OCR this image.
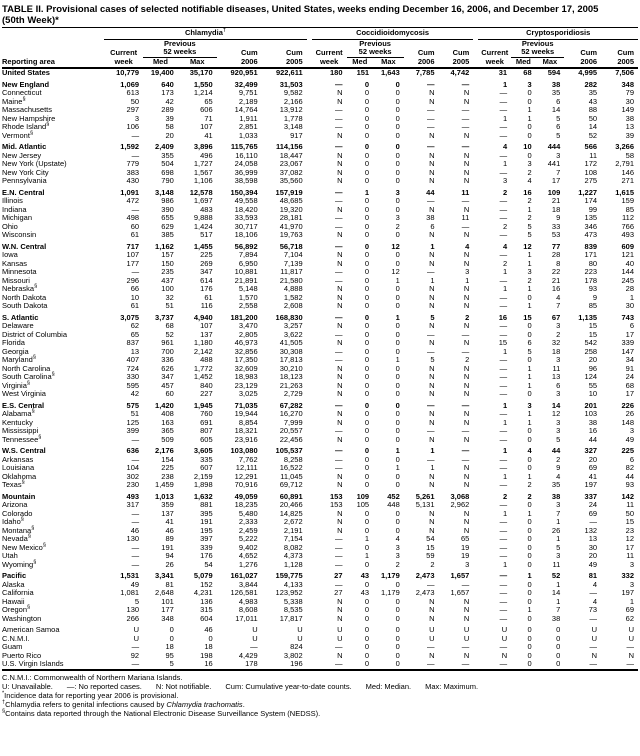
TABLE II. Provisional cases of selected notifiable diseases, United States, weeks ending December 16, 2006, and December 17, 2005
(50th Week)*
	Chlamydia†						Coccidioidomycosis						Cryptosporidiosis				
		Previous						Previous						Previous			
	Current	52 weeks		Cum	Cum		Current	52 weeks		Cum	Cum		Current	52 weeks		Cum	Cum
Reporting area	week	Med	Max	2006	2005		week	Med	Max	2006	2005		week	Med	Max	2006	2005
United States	10,779	19,400	35,170	920,951	922,611		180	151	1,643	7,785	4,742		31	68	594	4,995	7,506
New England	1,069	640	1,550	32,499	31,503		—	0	0	—	—		1	3	38	282	348
Connecticut	613	173	1,214	9,751	9,582		N	0	0	N	N		—	0	35	35	79
Maine§	50	42	65	2,189	2,166		N	0	0	N	N		—	0	6	43	30
Massachusetts	297	289	606	14,764	13,912		—	0	0	—	—		—	1	14	88	149
New Hampshire	3	39	71	1,911	1,778		—	0	0	—	—		1	1	5	50	38
Rhode Island§	106	58	107	2,851	3,148		—	0	0	—	—		—	0	6	14	13
Vermont§	—	20	41	1,033	917		N	0	0	N	N		—	0	5	52	39
Mid. Atlantic	1,592	2,409	3,896	115,765	114,156		—	0	0	—	—		4	10	444	566	3,266
New Jersey	—	355	496	16,110	18,447		N	0	0	N	N		—	0	3	11	58
New York (Upstate)	779	504	1,727	24,058	23,067		N	0	0	N	N		1	3	441	172	2,791
New York City	383	698	1,567	36,999	37,082		N	0	0	N	N		—	2	7	108	146
Pennsylvania	430	790	1,106	38,598	35,560		N	0	0	N	N		3	4	17	275	271
E.N. Central	1,091	3,148	12,578	150,394	157,919		—	1	3	44	11		2	16	109	1,227	1,615
Illinois	472	986	1,697	49,558	48,685		—	0	0	—	—		—	2	21	174	159
Indiana	—	390	483	18,420	19,320		N	0	0	N	N		—	1	18	99	85
Michigan	498	655	9,888	33,593	28,181		—	0	3	38	11		—	2	9	135	112
Ohio	60	629	1,424	30,717	41,970		—	0	2	6	—		2	5	33	346	766
Wisconsin	61	385	517	18,106	19,763		N	0	0	N	N		—	5	53	473	493
W.N. Central	717	1,162	1,455	56,892	56,718		—	0	12	1	4		4	12	77	839	609
Iowa	107	157	225	7,894	7,104		N	0	0	N	N		—	1	28	171	121
Kansas	177	150	269	6,950	7,139		N	0	0	N	N		2	1	8	80	40
Minnesota	—	235	347	10,881	11,817		—	0	12	—	3		1	3	22	223	144
Missouri	296	437	614	21,891	21,580		—	0	1	1	1		—	2	21	178	245
Nebraska§	66	100	176	5,148	4,888		N	0	0	N	N		1	1	16	93	28
North Dakota	10	32	61	1,570	1,582		N	0	0	N	N		—	0	4	9	1
South Dakota	61	51	116	2,558	2,608		N	0	0	N	N		—	1	7	85	30
S. Atlantic	3,075	3,737	4,940	181,200	168,830		—	0	1	5	2		16	15	67	1,135	743
Delaware	62	68	107	3,470	3,257		N	0	0	N	N		—	0	3	15	6
District of Columbia	65	52	137	2,805	3,622		—	0	0	—	—		—	0	2	15	17
Florida	837	961	1,180	46,973	41,505		N	0	0	N	N		15	6	32	542	339
Georgia	13	700	2,142	32,856	30,308		—	0	0	—	—		1	5	18	258	147
Maryland§	407	336	488	17,350	17,813		—	0	1	5	2		—	0	3	20	34
North Carolina	724	626	1,772	32,609	30,210		N	0	0	N	N		—	1	11	96	91
South Carolina§	330	347	1,452	18,983	18,123		N	0	0	N	N		—	1	13	124	24
Virginia§	595	457	840	23,129	21,263		N	0	0	N	N		—	1	6	55	68
West Virginia	42	60	227	3,025	2,729		N	0	0	N	N		—	0	3	10	17
E.S. Central	575	1,420	1,945	71,035	67,282		—	0	0	—	—		1	3	14	201	226
Alabama§	51	408	760	19,944	16,270		N	0	0	N	N		—	1	12	103	26
Kentucky	125	163	691	8,854	7,999		N	0	0	N	N		1	1	3	38	148
Mississippi	399	365	807	18,321	20,557		—	0	0	—	—		—	0	3	16	3
Tennessee§	—	509	605	23,916	22,456		N	0	0	N	N		—	0	5	44	49
W.S. Central	636	2,176	3,605	103,080	105,537		—	0	1	1	—		1	4	44	327	225
Arkansas	—	154	335	7,762	8,258		—	0	0	—	—		—	0	2	20	6
Louisiana	104	225	607	12,111	16,522		—	0	1	1	N		—	0	9	69	82
Oklahoma	302	238	2,159	12,291	11,045		N	0	0	N	N		1	1	4	41	44
Texas§	230	1,459	1,898	70,916	69,712		N	0	0	N	N		—	2	35	197	93
Mountain	493	1,013	1,632	49,059	60,891		153	109	452	5,261	3,068		2	2	38	337	142
Arizona	317	359	881	18,235	20,466		153	105	448	5,131	2,962		—	0	3	24	11
Colorado	—	137	395	5,480	14,825		N	0	0	N	N		1	1	7	69	50
Idaho§	—	41	191	2,333	2,672		N	0	0	N	N		—	0	1	—	15
Montana§	46	46	195	2,459	2,191		N	0	0	N	N		—	0	26	132	23
Nevada§	130	89	397	5,222	7,154		—	1	4	54	65		—	0	1	13	12
New Mexico§	—	191	339	9,402	8,082		—	0	3	15	19		—	0	5	30	17
Utah	—	94	176	4,652	4,373		—	1	3	59	19		—	0	3	20	11
Wyoming§	—	26	54	1,276	1,128		—	0	2	2	3		1	0	11	49	3
Pacific	1,531	3,341	5,079	161,027	159,775		27	43	1,179	2,473	1,657		—	1	52	81	332
Alaska	49	81	152	3,844	4,133		—	0	0	—	—		—	0	1	4	3
California	1,081	2,648	4,231	126,581	123,952		27	43	1,179	2,473	1,657		—	0	14	—	197
Hawaii	5	101	136	4,983	5,338		N	0	0	N	N		—	0	1	4	1
Oregon§	130	177	315	8,608	8,535		N	0	0	N	N		—	1	7	73	69
Washington	266	348	604	17,011	17,817		N	0	0	N	N		—	0	38	—	62
American Samoa	U	0	46	U	U		U	0	0	U	U		U	0	0	U	U
C.N.M.I.	U	0	0	U	U		U	0	0	U	U		U	0	0	U	U
Guam	—	18	18	—	824		—	0	0	—	—		—	0	0	—	—
Puerto Rico	92	95	198	4,429	3,802		N	0	0	N	N		N	0	0	N	N
U.S. Virgin Islands	—	5	16	178	196		—	0	0	—	—		—	0	0	—	—
C.N.M.I.: Commonwealth of Northern Mariana Islands.
U: Unavailable. —: No reported cases. N: Not notifiable. Cum: Cumulative year-to-date counts. Med: Median. Max: Maximum.
*Incidence data for reporting year 2006 is provisional.
†Chlamydia refers to genital infections caused by Chlamydia trachomatis.
§Contains data reported through the National Electronic Disease Surveillance System (NEDSS).
